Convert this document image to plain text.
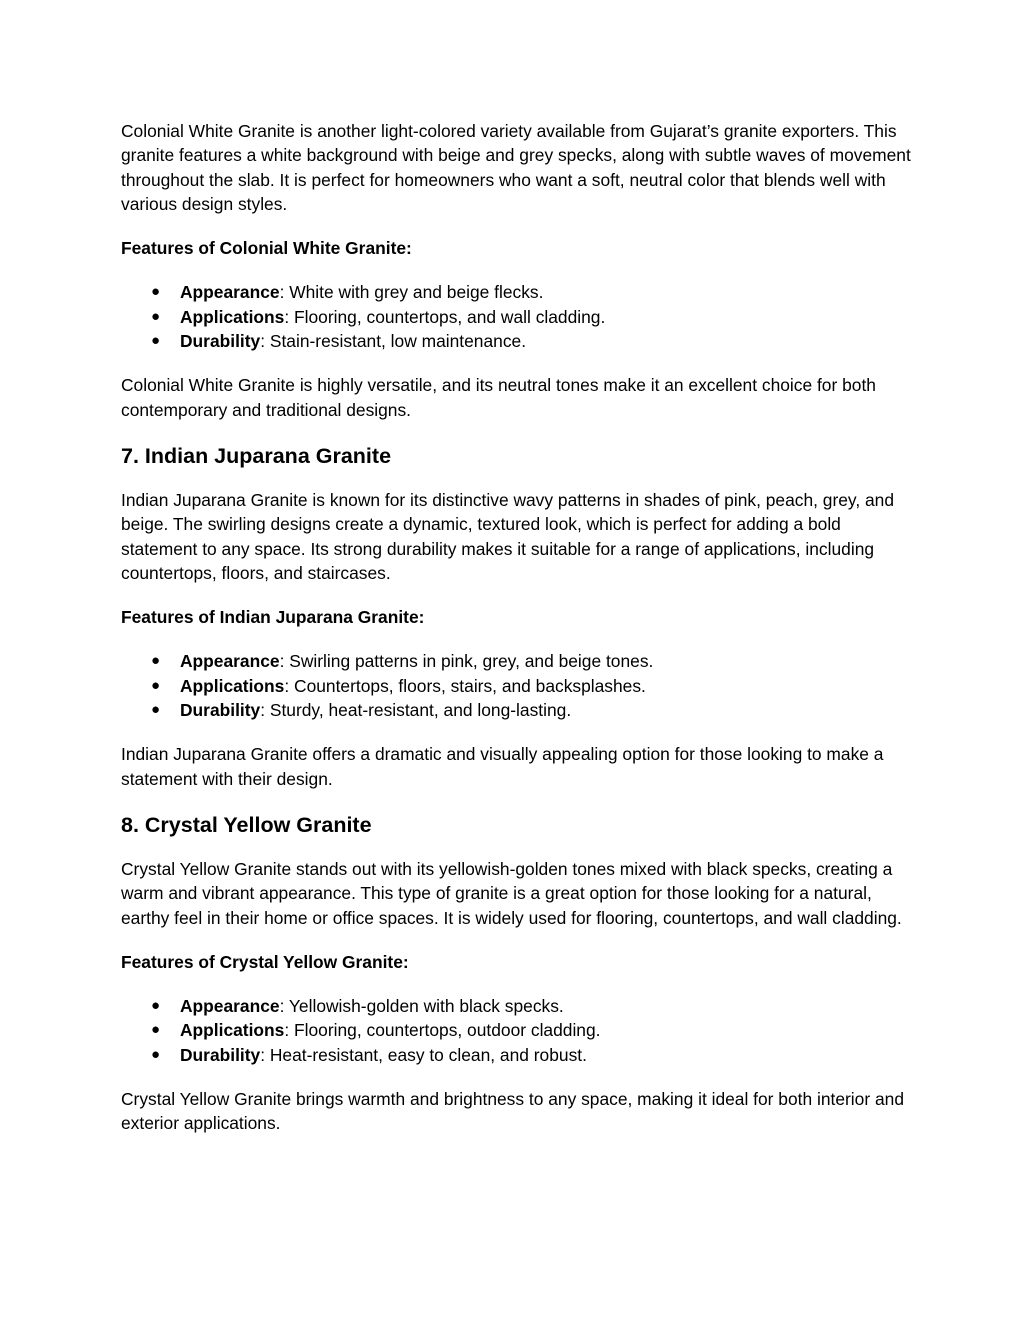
Colonial White Granite is another light-colored variety available from Gujarat’s granite exporters. This granite features a white background with beige and grey specks, along with subtle waves of movement throughout the slab. It is perfect for homeowners who want a soft, neutral color that blends well with various design styles.

Features of Colonial White Granite:
● Appearance: White with grey and beige flecks.
● Applications: Flooring, countertops, and wall cladding.
● Durability: Stain-resistant, low maintenance.

Colonial White Granite is highly versatile, and its neutral tones make it an excellent choice for both contemporary and traditional designs.

7. Indian Juparana Granite

Indian Juparana Granite is known for its distinctive wavy patterns in shades of pink, peach, grey, and beige. The swirling designs create a dynamic, textured look, which is perfect for adding a bold statement to any space. Its strong durability makes it suitable for a range of applications, including countertops, floors, and staircases.

Features of Indian Juparana Granite:
● Appearance: Swirling patterns in pink, grey, and beige tones.
● Applications: Countertops, floors, stairs, and backsplashes.
● Durability: Sturdy, heat-resistant, and long-lasting.

Indian Juparana Granite offers a dramatic and visually appealing option for those looking to make a statement with their design.

8. Crystal Yellow Granite

Crystal Yellow Granite stands out with its yellowish-golden tones mixed with black specks, creating a warm and vibrant appearance. This type of granite is a great option for those looking for a natural, earthy feel in their home or office spaces. It is widely used for flooring, countertops, and wall cladding.

Features of Crystal Yellow Granite:
● Appearance: Yellowish-golden with black specks.
● Applications: Flooring, countertops, outdoor cladding.
● Durability: Heat-resistant, easy to clean, and robust.

Crystal Yellow Granite brings warmth and brightness to any space, making it ideal for both interior and exterior applications.
